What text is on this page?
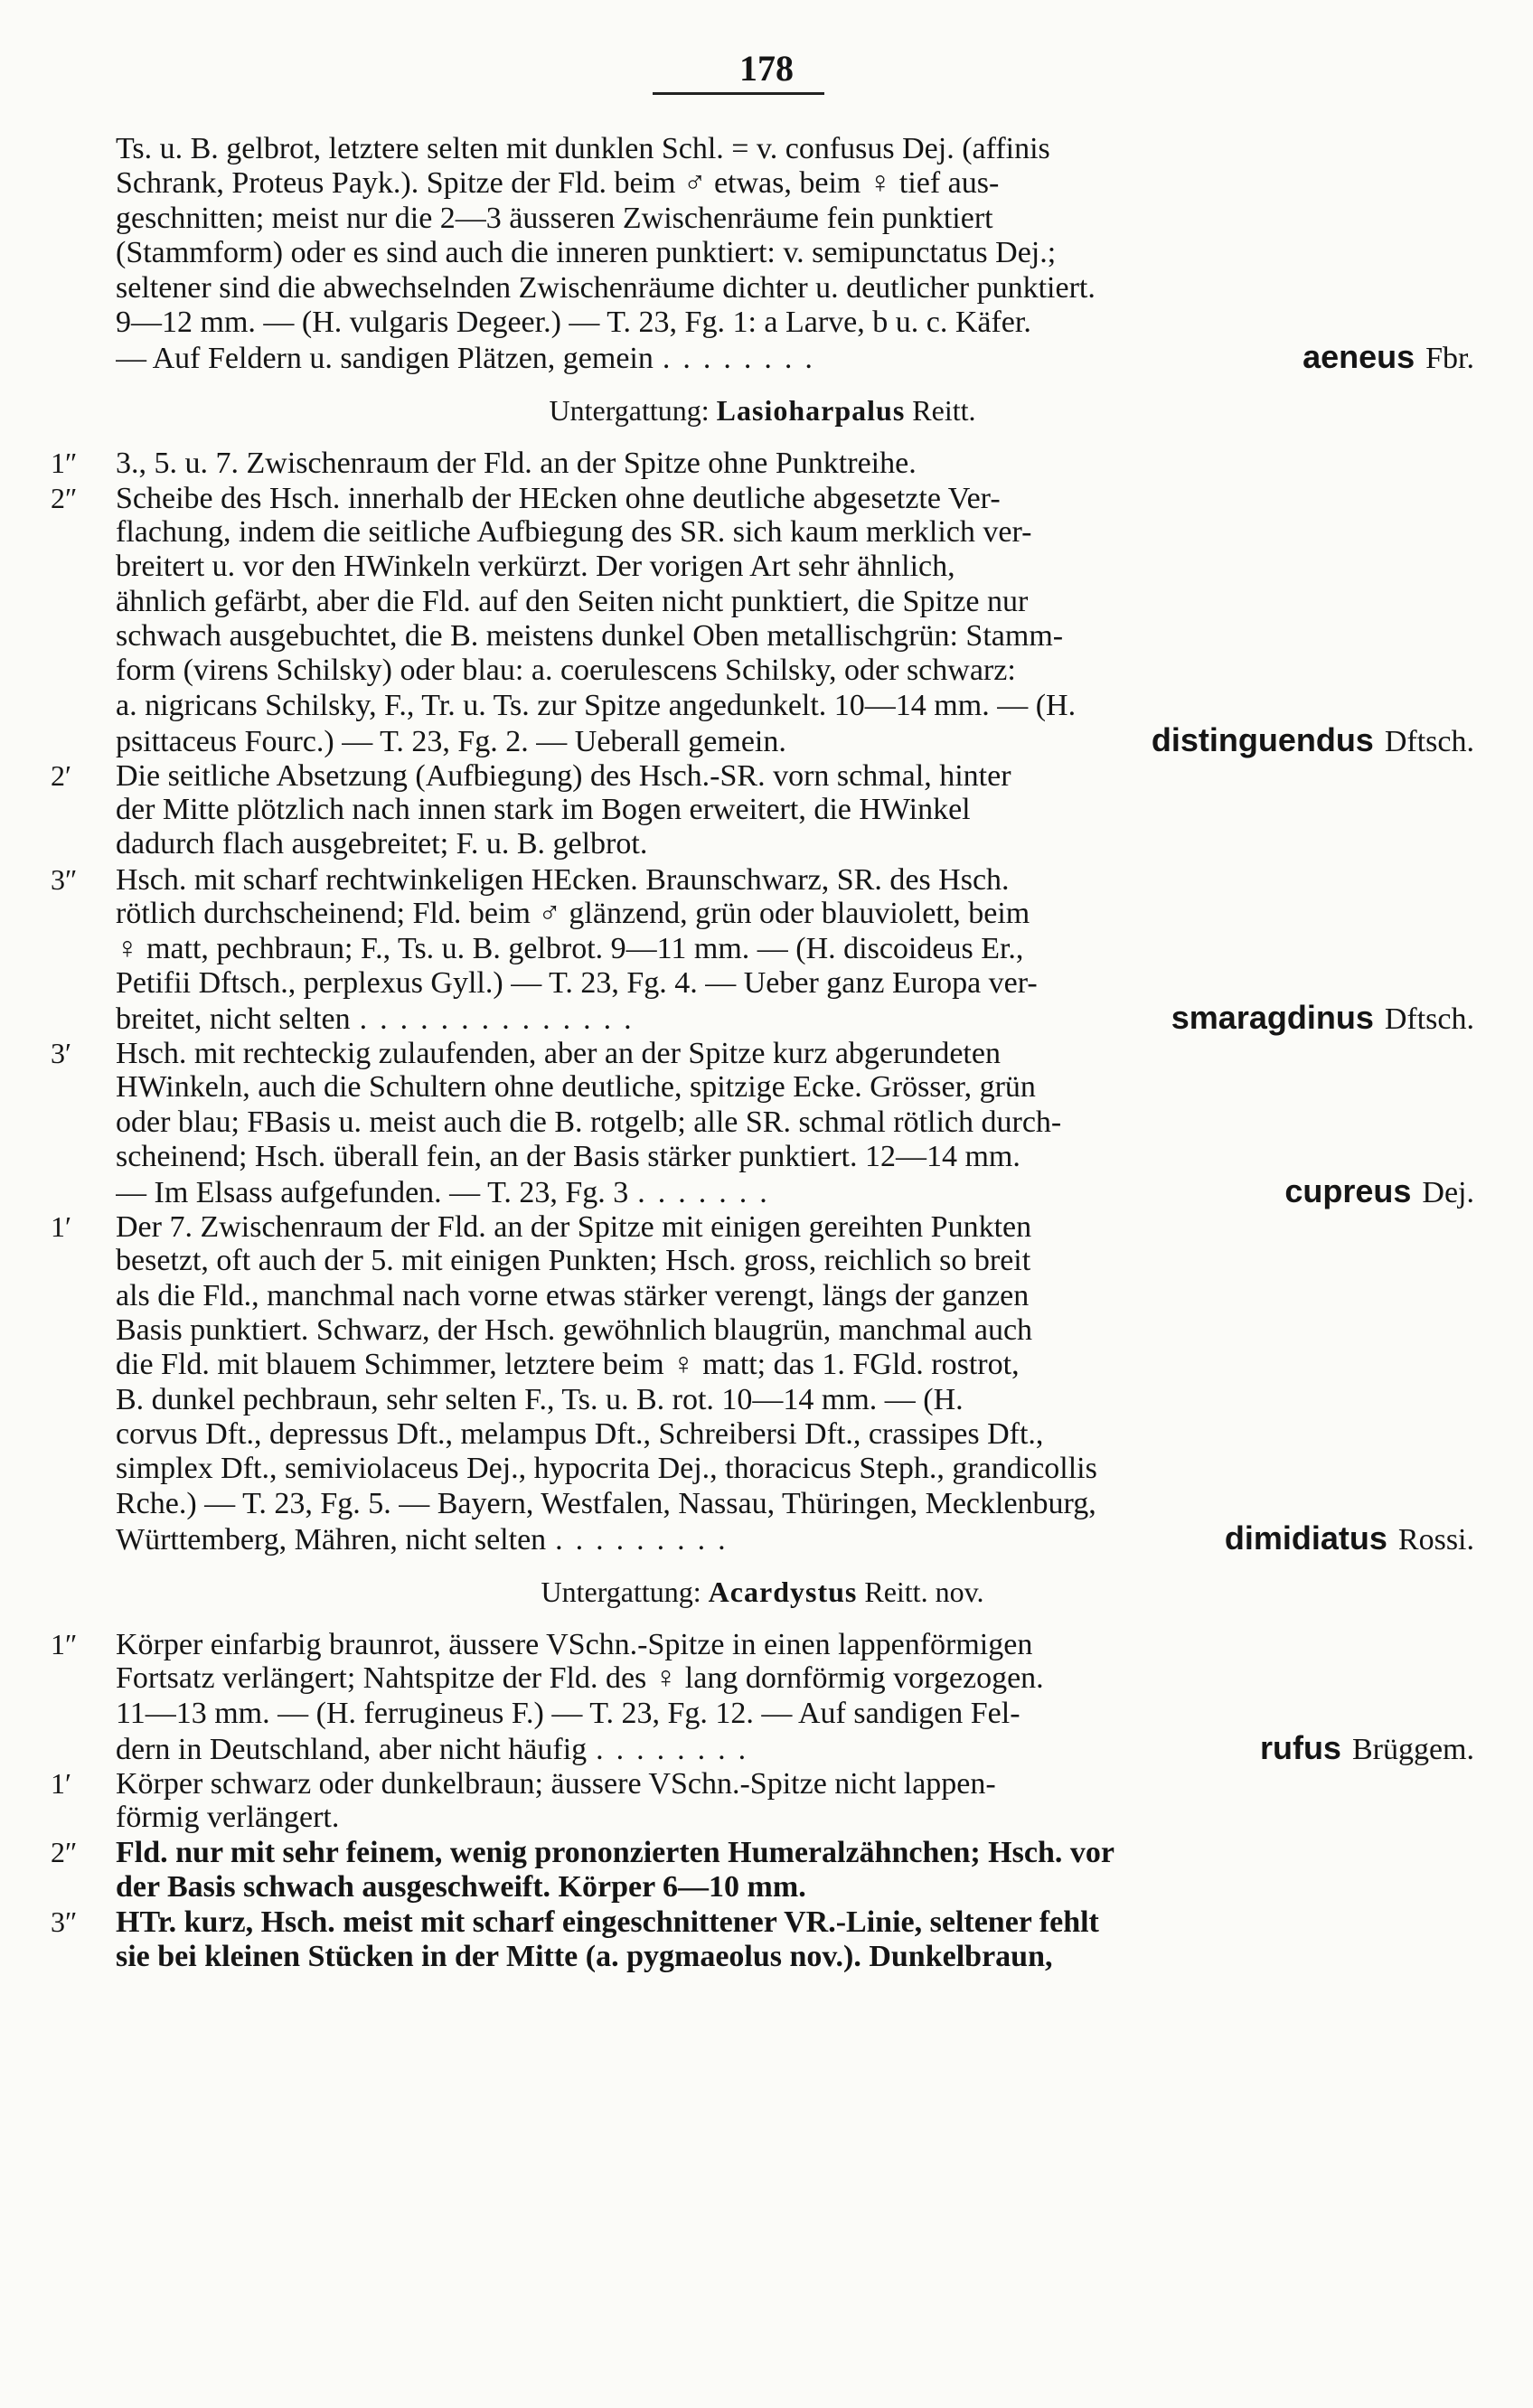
178
Ts. u. B. gelbrot, letztere selten mit dunklen Schl. = v. confusus Dej. (affinis
Schrank, Proteus Payk.). Spitze der Fld. beim ♂ etwas, beim ♀ tief aus-
geschnitten; meist nur die 2—3 äusseren Zwischenräume fein punktiert
(Stammform) oder es sind auch die inneren punktiert: v. semipunctatus Dej.;
seltener sind die abwechselnden Zwischenräume dichter u. deutlicher punktiert.
9—12 mm. — (H. vulgaris Degeer.) — T. 23, Fg. 1: a Larve, b u. c. Käfer.
— Auf Feldern u. sandigen Plätzen, gemein ........	aeneus Fbr.
Untergattung: Lasioharpalus Reitt.
1″	3., 5. u. 7. Zwischenraum der Fld. an der Spitze ohne Punktreihe.
2″	Scheibe des Hsch. innerhalb der HEcken ohne deutliche abgesetzte Ver-
flachung, indem die seitliche Aufbiegung des SR. sich kaum merklich ver-
breitert u. vor den HWinkeln verkürzt. Der vorigen Art sehr ähnlich,
ähnlich gefärbt, aber die Fld. auf den Seiten nicht punktiert, die Spitze nur
schwach ausgebuchtet, die B. meistens dunkel Oben metallischgrün: Stamm-
form (virens Schilsky) oder blau: a. coerulescens Schilsky, oder schwarz:
a. nigricans Schilsky, F., Tr. u. Ts. zur Spitze angedunkelt. 10—14 mm. — (H.
psittaceus Fourc.) — T. 23, Fg. 2. — Ueberall gemein.	distinguendus Dftsch.
2′	Die seitliche Absetzung (Aufbiegung) des Hsch.-SR. vorn schmal, hinter
der Mitte plötzlich nach innen stark im Bogen erweitert, die HWinkel
dadurch flach ausgebreitet; F. u. B. gelbrot.
3″	Hsch. mit scharf rechtwinkeligen HEcken. Braunschwarz, SR. des Hsch.
rötlich durchscheinend; Fld. beim ♂ glänzend, grün oder blauviolett, beim
♀ matt, pechbraun; F., Ts. u. B. gelbrot. 9—11 mm. — (H. discoideus Er.,
Petifii Dftsch., perplexus Gyll.) — T. 23, Fg. 4. — Ueber ganz Europa ver-
breitet, nicht selten ..............	smaragdinus Dftsch.
3′	Hsch. mit rechteckig zulaufenden, aber an der Spitze kurz abgerundeten
HWinkeln, auch die Schultern ohne deutliche, spitzige Ecke. Grösser, grün
oder blau; FBasis u. meist auch die B. rotgelb; alle SR. schmal rötlich durch-
scheinend; Hsch. überall fein, an der Basis stärker punktiert. 12—14 mm.
— Im Elsass aufgefunden. — T. 23, Fg. 3 .......	cupreus Dej.
1′	Der 7. Zwischenraum der Fld. an der Spitze mit einigen gereihten Punkten
besetzt, oft auch der 5. mit einigen Punkten; Hsch. gross, reichlich so breit
als die Fld., manchmal nach vorne etwas stärker verengt, längs der ganzen
Basis punktiert. Schwarz, der Hsch. gewöhnlich blaugrün, manchmal auch
die Fld. mit blauem Schimmer, letztere beim ♀ matt; das 1. FGld. rostrot,
B. dunkel pechbraun, sehr selten F., Ts. u. B. rot. 10—14 mm. — (H.
corvus Dft., depressus Dft., melampus Dft., Schreibersi Dft., crassipes Dft.,
simplex Dft., semiviolaceus Dej., hypocrita Dej., thoracicus Steph., grandicollis
Rche.) — T. 23, Fg. 5. — Bayern, Westfalen, Nassau, Thüringen, Mecklenburg,
Württemberg, Mähren, nicht selten .........	dimidiatus Rossi.
Untergattung: Acardystus Reitt. nov.
1″	Körper einfarbig braunrot, äussere VSchn.-Spitze in einen lappenförmigen
Fortsatz verlängert; Nahtspitze der Fld. des ♀ lang dornförmig vorgezogen.
11—13 mm. — (H. ferrugineus F.) — T. 23, Fg. 12. — Auf sandigen Fel-
dern in Deutschland, aber nicht häufig ........	rufus Brüggem.
1′	Körper schwarz oder dunkelbraun; äussere VSchn.-Spitze nicht lappen-
förmig verlängert.
2″	Fld. nur mit sehr feinem, wenig prononzierten Humeralzähnchen; Hsch. vor
der Basis schwach ausgeschweift. Körper 6—10 mm.
3″	HTr. kurz, Hsch. meist mit scharf eingeschnittener VR.-Linie, seltener fehlt
sie bei kleinen Stücken in der Mitte (a. pygmaeolus nov.). Dunkelbraun,
